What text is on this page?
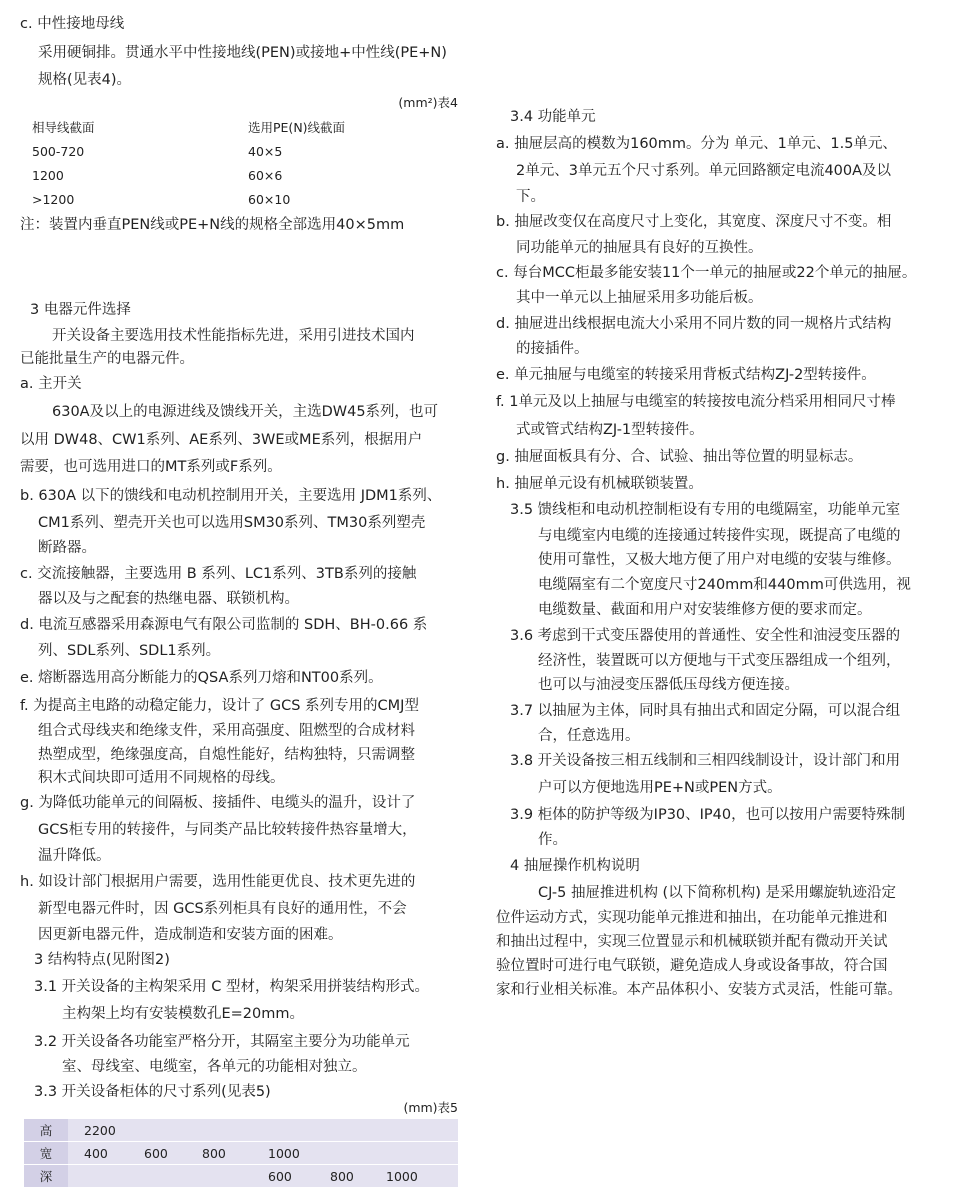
c. 中性接地母线
采用硬铜排。贯通水平中性接地线(PEN)或接地+中性线(PE+N)
规格(见表4)。
(mm²)表4
相导线截面	选用PE(N)线截面
500-720	40×5
1200	60×6
>1200	60×10
注：装置内垂直PEN线或PE+N线的规格全部选用40×5mm
3 电器元件选择
开关设备主要选用技术性能指标先进，采用引进技术国内
已能批量生产的电器元件。
a. 主开关
630A及以上的电源进线及馈线开关，主选DW45系列，也可
以用 DW48、CW1系列、AE系列、3WE或ME系列，根据用户
需要，也可选用进口的MT系列或F系列。
b. 630A 以下的馈线和电动机控制用开关，主要选用 JDM1系列、
CM1系列、塑壳开关也可以选用SM30系列、TM30系列塑壳
断路器。
c. 交流接触器，主要选用 B 系列、LC1系列、3TB系列的接触
器以及与之配套的热继电器、联锁机构。
d. 电流互感器采用森源电气有限公司监制的 SDH、BH-0.66 系
列、SDL系列、SDL1系列。
e. 熔断器选用高分断能力的QSA系列刀熔和NT00系列。
f. 为提高主电路的动稳定能力，设计了 GCS 系列专用的CMJ型
组合式母线夹和绝缘支件，采用高强度、阻燃型的合成材料
热塑成型，绝缘强度高，自熄性能好，结构独特，只需调整
积木式间块即可适用不同规格的母线。
g. 为降低功能单元的间隔板、接插件、电缆头的温升，设计了
GCS柜专用的转接件，与同类产品比较转接件热容量增大，
温升降低。
h. 如设计部门根据用户需要，选用性能更优良、技术更先进的
新型电器元件时，因 GCS系列柜具有良好的通用性，不会
因更新电器元件，造成制造和安装方面的困难。
3 结构特点(见附图2)
3.1 开关设备的主构架采用 C 型材，构架采用拼装结构形式。
主构架上均有安装模数孔E=20mm。
3.2 开关设备各功能室严格分开，其隔室主要分为功能单元
室、母线室、电缆室，各单元的功能相对独立。
3.3 开关设备柜体的尺寸系列(见表5)
(mm)表5
高		2200					
宽		400	600	800	1000		
深					600	800	1000
3.4 功能单元
a. 抽屉层高的模数为160mm。分为 单元、1单元、1.5单元、
2单元、3单元五个尺寸系列。单元回路额定电流400A及以
下。
b. 抽屉改变仅在高度尺寸上变化，其宽度、深度尺寸不变。相
同功能单元的抽屉具有良好的互换性。
c. 每台MCC柜最多能安装11个一单元的抽屉或22个单元的抽屉。
其中一单元以上抽屉采用多功能后板。
d. 抽屉进出线根据电流大小采用不同片数的同一规格片式结构
的接插件。
e. 单元抽屉与电缆室的转接采用背板式结构ZJ-2型转接件。
f. 1单元及以上抽屉与电缆室的转接按电流分档采用相同尺寸棒
式或管式结构ZJ-1型转接件。
g. 抽屉面板具有分、合、试验、抽出等位置的明显标志。
h. 抽屉单元设有机械联锁装置。
3.5 馈线柜和电动机控制柜设有专用的电缆隔室，功能单元室
与电缆室内电缆的连接通过转接件实现，既提高了电缆的
使用可靠性，又极大地方便了用户对电缆的安装与维修。
电缆隔室有二个宽度尺寸240mm和440mm可供选用，视
电缆数量、截面和用户对安装维修方便的要求而定。
3.6 考虑到干式变压器使用的普通性、安全性和油浸变压器的
经济性，装置既可以方便地与干式变压器组成一个组列，
也可以与油浸变压器低压母线方便连接。
3.7 以抽屉为主体，同时具有抽出式和固定分隔，可以混合组
合，任意选用。
3.8 开关设备按三相五线制和三相四线制设计，设计部门和用
户可以方便地选用PE+N或PEN方式。
3.9 柜体的防护等级为IP30、IP40，也可以按用户需要特殊制
作。
4 抽屉操作机构说明
CJ-5 抽屉推进机构 (以下简称机构) 是采用螺旋轨迹沿定
位件运动方式，实现功能单元推进和抽出，在功能单元推进和
和抽出过程中，实现三位置显示和机械联锁并配有微动开关试
验位置时可进行电气联锁，避免造成人身或设备事故，符合国
家和行业相关标准。本产品体积小、安装方式灵活，性能可靠。
